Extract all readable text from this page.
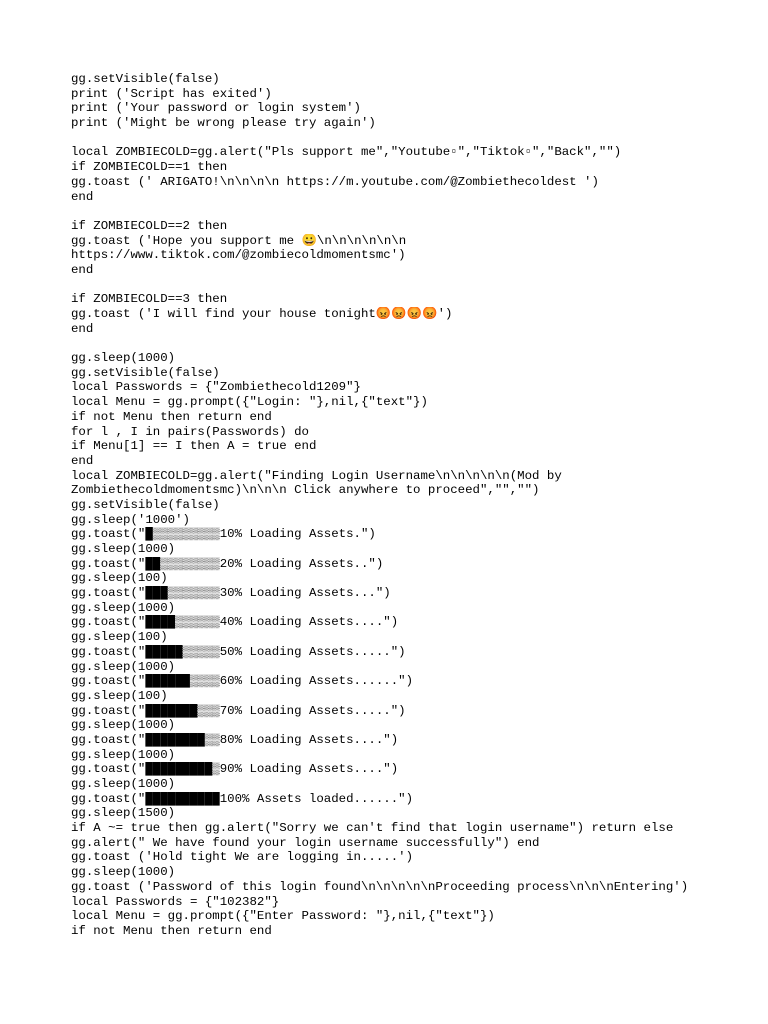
gg.setVisible(false)
print ('Script has exited')
print ('Your password or login system')
print ('Might be wrong please try again')
local ZOMBIECOLD=gg.alert("Pls support me","Youtube▫","Tiktok▫","Back","")
if ZOMBIECOLD==1 then
gg.toast (' ARIGATO!\n\n\n\n https://m.youtube.com/@Zombiethecoldest ')
end
if ZOMBIECOLD==2 then
gg.toast ('Hope you support me 😀\n\n\n\n\n\n
https://www.tiktok.com/@zombiecoldmomentsmc')
end
if ZOMBIECOLD==3 then
gg.toast ('I will find your house tonight😡😡😡😡')
end
gg.sleep(1000)
gg.setVisible(false)
local Passwords = {"Zombiethecold1209"}
local Menu = gg.prompt({"Login: "},nil,{"text"})
if not Menu then return end
for l , I in pairs(Passwords) do
if Menu[1] == I then A = true end
end
local ZOMBIECOLD=gg.alert("Finding Login Username\n\n\n\n\n(Mod by
Zombiethecoldmomentsmc)\n\n\n Click anywhere to proceed","","")
gg.setVisible(false)
gg.sleep('1000')
gg.toast("█▒▒▒▒▒▒▒▒▒10% Loading Assets.")
gg.sleep(1000)
gg.toast("██▒▒▒▒▒▒▒▒20% Loading Assets..")
gg.sleep(100)
gg.toast("███▒▒▒▒▒▒▒30% Loading Assets...")
gg.sleep(1000)
gg.toast("████▒▒▒▒▒▒40% Loading Assets....")
gg.sleep(100)
gg.toast("█████▒▒▒▒▒50% Loading Assets.....")
gg.sleep(1000)
gg.toast("██████▒▒▒▒60% Loading Assets......")
gg.sleep(100)
gg.toast("███████▒▒▒70% Loading Assets.....")
gg.sleep(1000)
gg.toast("████████▒▒80% Loading Assets....")
gg.sleep(1000)
gg.toast("█████████▒90% Loading Assets....")
gg.sleep(1000)
gg.toast("██████████100% Assets loaded......")
gg.sleep(1500)
if A ~= true then gg.alert("Sorry we can't find that login username") return else
gg.alert(" We have found your login username successfully") end
gg.toast ('Hold tight We are logging in.....')
gg.sleep(1000)
gg.toast ('Password of this login found\n\n\n\n\nProceeding process\n\n\nEntering')
local Passwords = {"102382"}
local Menu = gg.prompt({"Enter Password: "},nil,{"text"})
if not Menu then return end
